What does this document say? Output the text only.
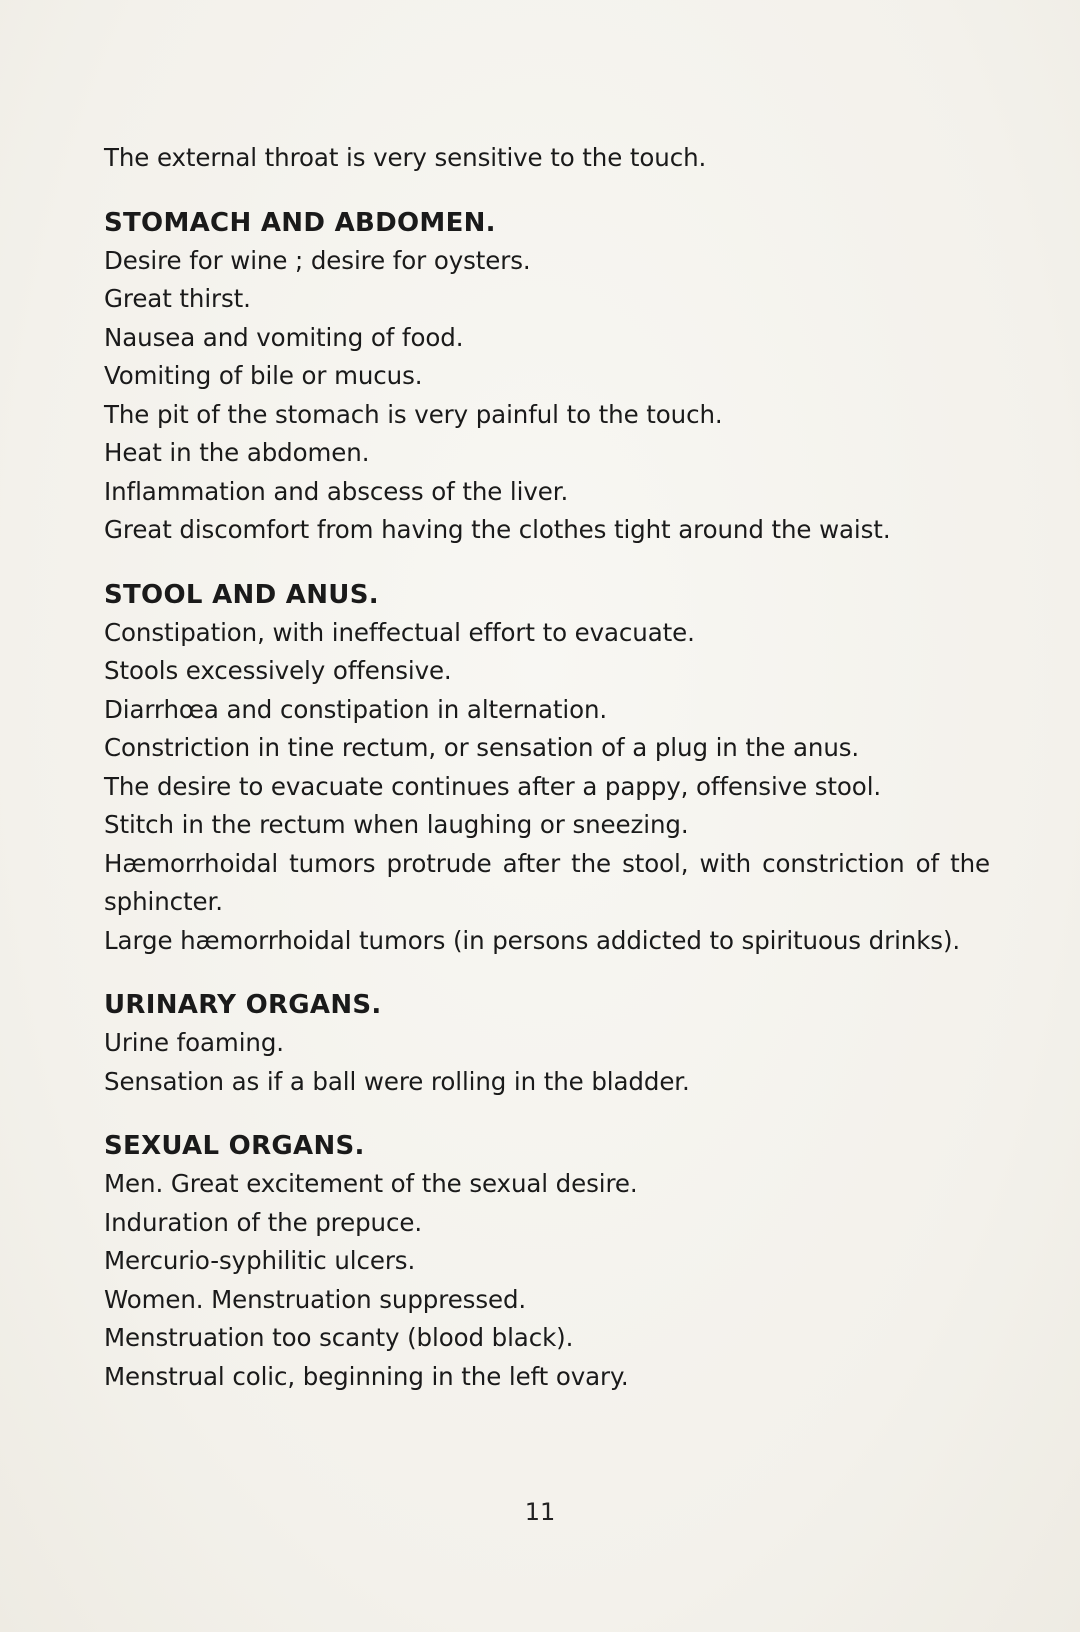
The external throat is very sensitive to the touch.
STOMACH AND ABDOMEN.
Desire for wine ; desire for oysters.
Great thirst.
Nausea and vomiting of food.
Vomiting of bile or mucus.
The pit of the stomach is very painful to the touch.
Heat in the abdomen.
Inflammation and abscess of the liver.
Great discomfort from having the clothes tight around the waist.
STOOL AND ANUS.
Constipation, with ineffectual effort to evacuate.
Stools excessively offensive.
Diarrhœa and constipation in alternation.
Constriction in tine rectum, or sensation of a plug in the anus.
The desire to evacuate continues after a pappy, offensive stool.
Stitch in the rectum when laughing or sneezing.
Hæmorrhoidal tumors protrude after the stool, with constriction of the sphincter.
Large hæmorrhoidal tumors (in persons addicted to spirituous drinks).
URINARY ORGANS.
Urine foaming.
Sensation as if a ball were rolling in the bladder.
SEXUAL ORGANS.
Men. Great excitement of the sexual desire.
Induration of the prepuce.
Mercurio-syphilitic ulcers.
Women. Menstruation suppressed.
Menstruation too scanty (blood black).
Menstrual colic, beginning in the left ovary.
11
